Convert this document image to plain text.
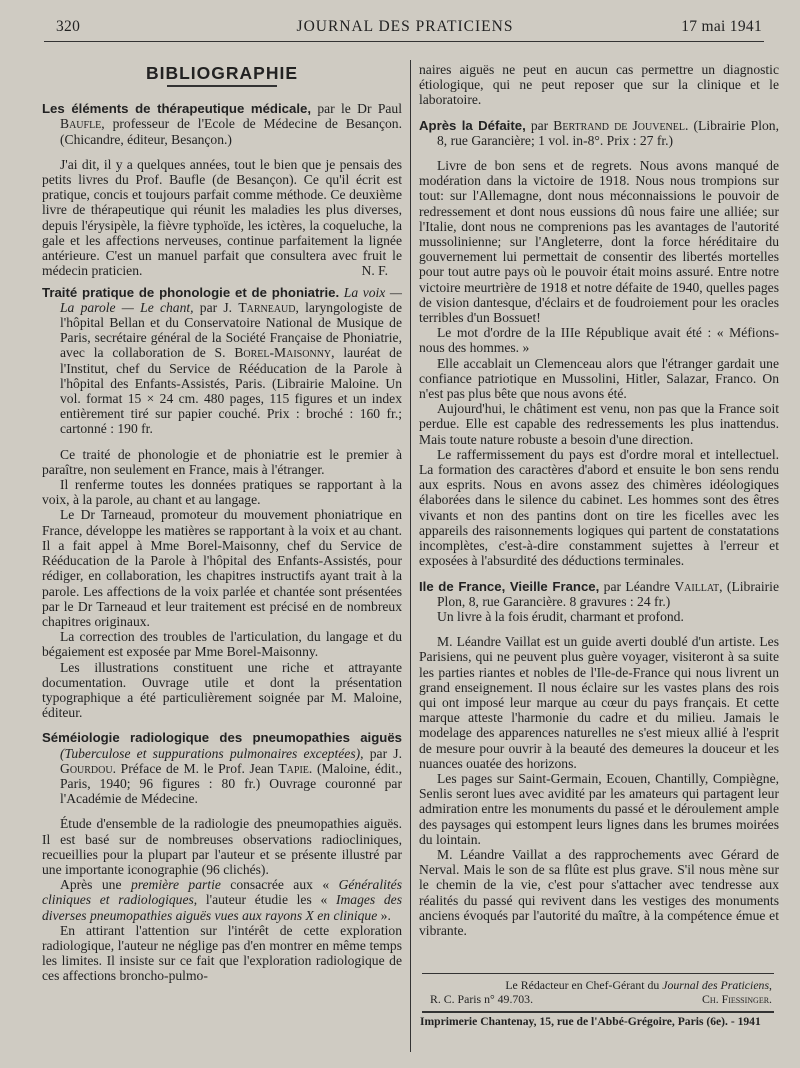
320	JOURNAL DES PRATICIENS	17 mai 1941
BIBLIOGRAPHIE

Les éléments de thérapeutique médicale, par le Dr Paul Baufle, professeur de l'Ecole de Médecine de Besançon. (Chicandre, éditeur, Besançon.)

J'ai dit, il y a quelques années, tout le bien que je pensais des petits livres du Prof. Baufle (de Besançon). Ce qu'il écrit est pratique, concis et toujours parfait comme méthode. Ce deuxième livre de thérapeutique qui réunit les maladies les plus diverses, depuis l'érysipèle, la fièvre typhoïde, les ictères, la coqueluche, la gale et les affections nerveuses, continue parfaitement la lignée antérieure. C'est un manuel parfait que consultera avec fruit le médecin praticien.	N. F.

Traité pratique de phonologie et de phoniatrie. La voix — La parole — Le chant, par J. Tarneaud, laryngologiste de l'hôpital Bellan et du Conservatoire National de Musique de Paris, secrétaire général de la Société Française de Phoniatrie, avec la collaboration de S. Borel-Maisonny, lauréat de l'Institut, chef du Service de Rééducation de la Parole à l'hôpital des Enfants-Assistés, Paris. (Librairie Maloine. Un vol. format 15 × 24 cm. 480 pages, 115 figures et un index entièrement tiré sur papier couché. Prix : broché : 160 fr.; cartonné : 190 fr.

Ce traité de phonologie et de phoniatrie est le premier à paraître, non seulement en France, mais à l'étranger.

Il renferme toutes les données pratiques se rapportant à la voix, à la parole, au chant et au langage.

Le Dr Tarneaud, promoteur du mouvement phoniatrique en France, développe les matières se rapportant à la voix et au chant. Il a fait appel à Mme Borel-Maisonny, chef du Service de Rééducation de la Parole à l'hôpital des Enfants-Assistés, pour rédiger, en collaboration, les chapitres instructifs ayant trait à la parole. Les affections de la voix parlée et chantée sont présentées par le Dr Tarneaud et leur traitement est précisé en de nombreux chapitres originaux.

La correction des troubles de l'articulation, du langage et du bégaiement est exposée par Mme Borel-Maisonny.

Les illustrations constituent une riche et attrayante documentation. Ouvrage utile et dont la présentation typographique a été particulièrement soignée par M. Maloine, éditeur.

Séméiologie radiologique des pneumopathies aiguës (Tuberculose et suppurations pulmonaires exceptées), par J. Gourdou. Préface de M. le Prof. Jean Tapie. (Maloine, édit., Paris, 1940; 96 figures : 80 fr.) Ouvrage couronné par l'Académie de Médecine.

Étude d'ensemble de la radiologie des pneumopathies aiguës. Il est basé sur de nombreuses observations radiocliniques, recueillies pour la plupart par l'auteur et se présente illustré par une importante iconographie (96 clichés).

Après une première partie consacrée aux « Généralités cliniques et radiologiques, l'auteur étudie les « Images des diverses pneumopathies aiguës vues aux rayons X en clinique ».

En attirant l'attention sur l'intérêt de cette exploration radiologique, l'auteur ne néglige pas d'en montrer en même temps les limites. Il insiste sur ce fait que l'exploration radiologique de ces affections broncho-pulmo-

naires aiguës ne peut en aucun cas permettre un diagnostic étiologique, qui ne peut reposer que sur la clinique et le laboratoire.

Après la Défaite, par Bertrand de Jouvenel. (Librairie Plon, 8, rue Garancière; 1 vol. in-8°. Prix : 27 fr.)

Livre de bon sens et de regrets. Nous avons manqué de modération dans la victoire de 1918. Nous nous trompions sur tout: sur l'Allemagne, dont nous méconnaissions le pouvoir de redressement et dont nous eussions dû nous faire une alliée; sur l'Italie, dont nous ne comprenions pas les avantages de l'autorité mussolinienne; sur l'Angleterre, dont la force héréditaire du gouvernement lui permettait de consentir des libertés mortelles pour tout autre pays où le pouvoir était moins assuré. Entre notre victoire meurtrière de 1918 et notre défaite de 1940, quelles pages de vision dantesque, d'éclairs et de foudroiement pour les oracles terribles d'un Bossuet!

Le mot d'ordre de la IIIe République avait été : « Méfions-nous des hommes. »

Elle accablait un Clemenceau alors que l'étranger gardait une confiance patriotique en Mussolini, Hitler, Salazar, Franco. On n'est pas plus bête que nous avons été.

Aujourd'hui, le châtiment est venu, non pas que la France soit perdue. Elle est capable des redressements les plus inattendus. Mais toute nature robuste a besoin d'une direction.

Le raffermissement du pays est d'ordre moral et intellectuel. La formation des caractères d'abord et ensuite le bon sens rendu aux esprits. Nous en avons assez des chimères idéologiques élaborées dans le silence du cabinet. Les hommes sont des êtres vivants et non des pantins dont on tire les ficelles avec les appareils des raisonnements logiques qui partent de constatations incomplètes, c'est-à-dire constamment sujettes à l'erreur et exposées à l'absurdité des déductions terminales.

Ile de France, Vieille France, par Léandre Vaillat, (Librairie Plon, 8, rue Garancière. 8 gravures : 24 fr.)

Un livre à la fois érudit, charmant et profond.

M. Léandre Vaillat est un guide averti doublé d'un artiste. Les Parisiens, qui ne peuvent plus guère voyager, visiteront à sa suite les parties riantes et nobles de l'Ile-de-France qui nous livrent un grand enseignement. Il nous éclaire sur les vastes plans des rois qui ont imposé leur marque au cœur du pays français. Et cette marque atteste l'harmonie du cadre et du milieu. Jamais le modelage des apparences naturelles ne s'est mieux allié à l'esprit de mesure pour ouvrir à la beauté des demeures la douceur et les nuances ouatée des horizons.

Les pages sur Saint-Germain, Ecouen, Chantilly, Compiègne, Senlis seront lues avec avidité par les amateurs qui partagent leur admiration entre les monuments du passé et le déroulement ample des paysages qui estompent leurs lignes dans les brumes moirées du lointain.

M. Léandre Vaillat a des rapprochements avec Gérard de Nerval. Mais le son de sa flûte est plus grave. S'il nous mène sur le chemin de la vie, c'est pour s'attacher avec tendresse aux réalités du passé qui revivent dans les vestiges des monuments anciens évoqués par l'autorité du maître, à la compétence émue et vibrante.

Le Rédacteur en Chef-Gérant du Journal des Praticiens,
R. C. Paris n° 49.703.	Ch. Fiessinger.
Imprimerie Chantenay, 15, rue de l'Abbé-Grégoire, Paris (6e). - 1941
